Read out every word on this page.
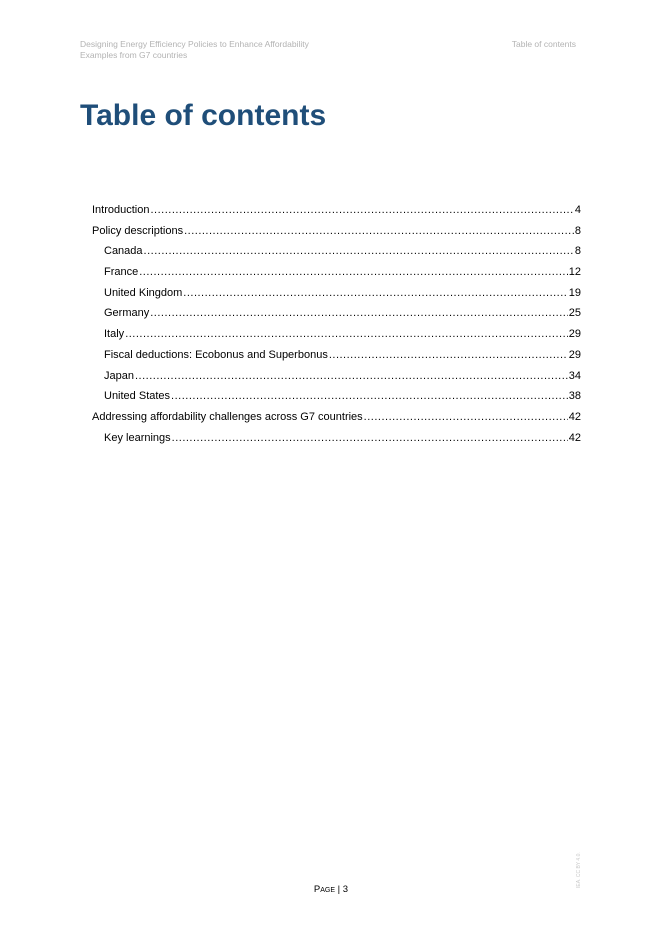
Designing Energy Efficiency Policies to Enhance Affordability
Examples from G7 countries
Table of contents
Table of contents
Introduction .....	4
Policy descriptions .....	8
Canada .....	8
France .....	12
United Kingdom .....	19
Germany .....	25
Italy .....	29
Fiscal deductions: Ecobonus and Superbonus .....	29
Japan .....	34
United States .....	38
Addressing affordability challenges across G7 countries .....	42
Key learnings .....	42
Page | 3
IEA. CC BY 4.0.
